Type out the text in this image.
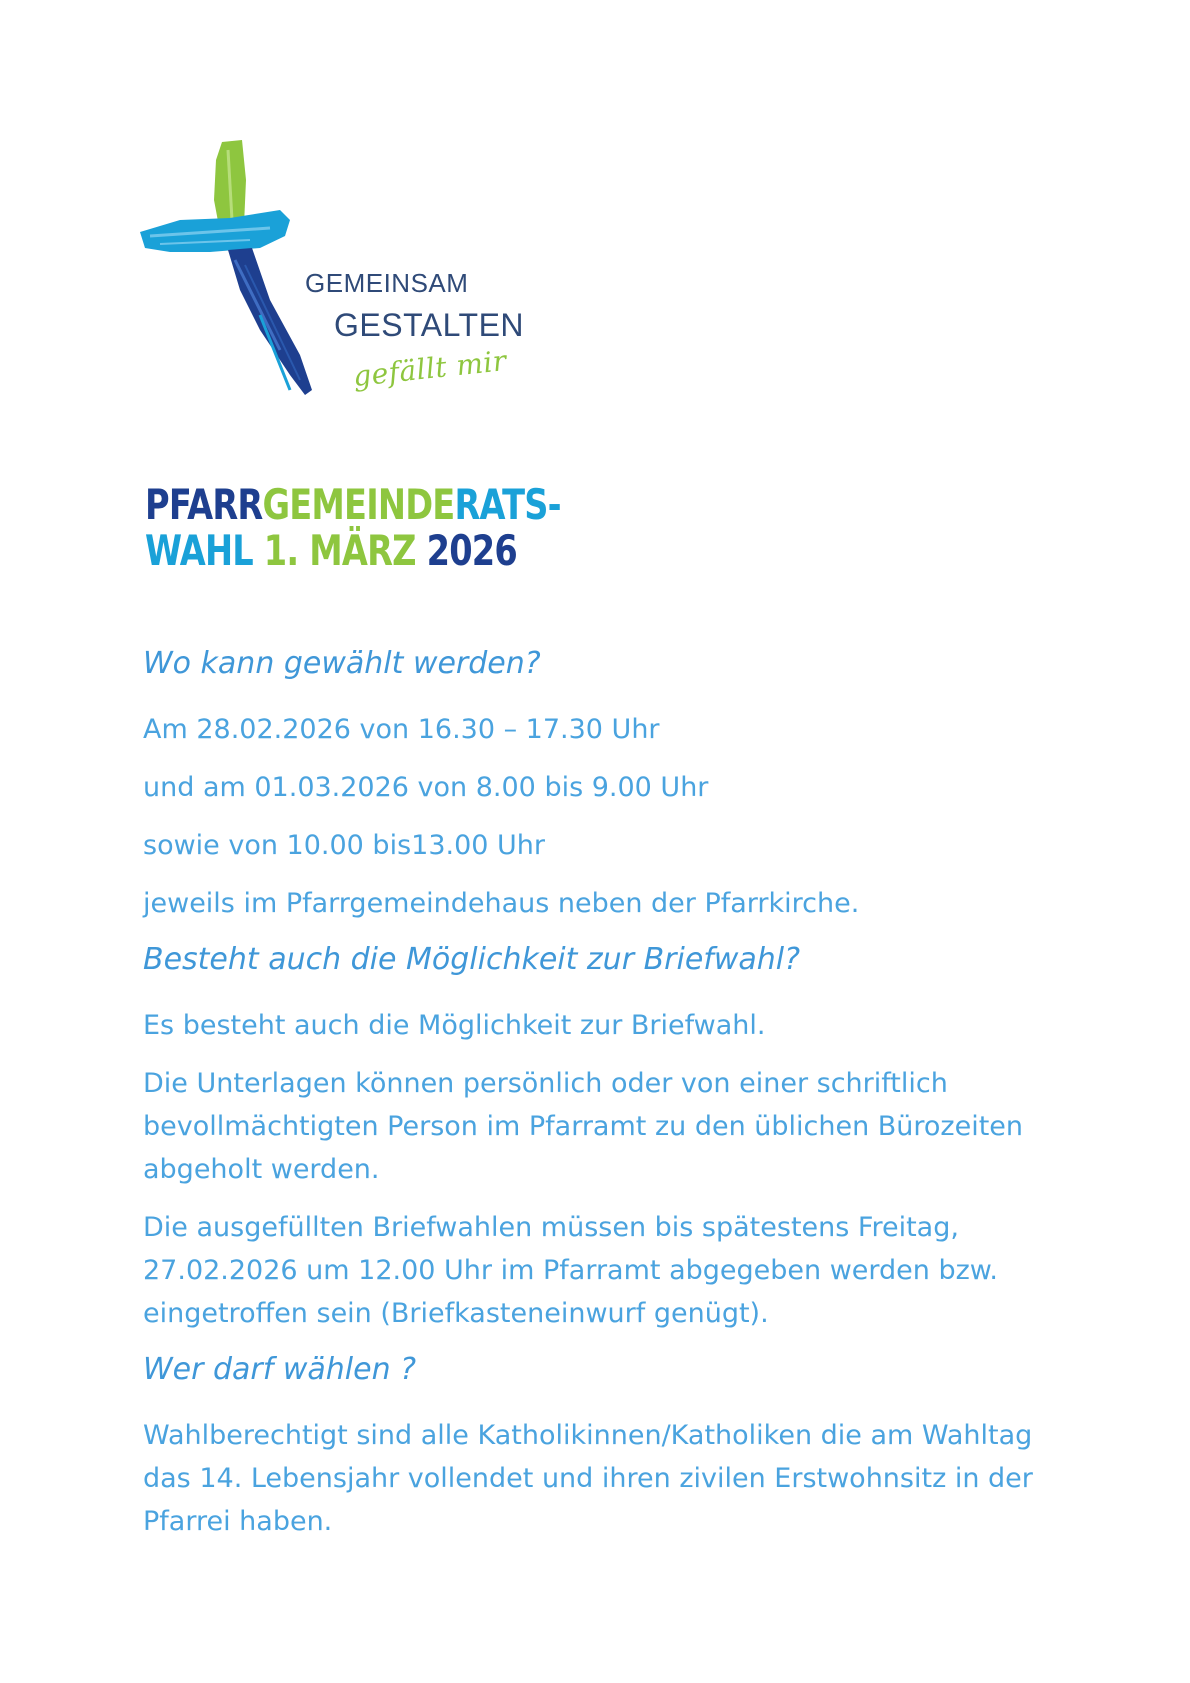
GEMEINSAM
GESTALTEN
gefällt mir
PFARRGEMEINDERATS-
WAHL 1. MÄRZ 2026
Wo kann gewählt werden?

Am 28.02.2026 von 16.30 – 17.30 Uhr

und am 01.03.2026 von 8.00 bis 9.00 Uhr

sowie von 10.00 bis13.00 Uhr

jeweils im Pfarrgemeindehaus neben der Pfarrkirche.

Besteht auch die Möglichkeit zur Briefwahl?

Es besteht auch die Möglichkeit zur Briefwahl.

Die Unterlagen können persönlich oder von einer schriftlich bevollmächtigten Person im Pfarramt zu den üblichen Bürozeiten abgeholt werden.

Die ausgefüllten Briefwahlen müssen bis spätestens Freitag, 27.02.2026 um 12.00 Uhr im Pfarramt abgegeben werden bzw. eingetroffen sein (Briefkasteneinwurf genügt).

Wer darf wählen ?

Wahlberechtigt sind alle Katholikinnen/Katholiken die am Wahltag das 14. Lebensjahr vollendet und ihren zivilen Erstwohnsitz in der Pfarrei haben.
